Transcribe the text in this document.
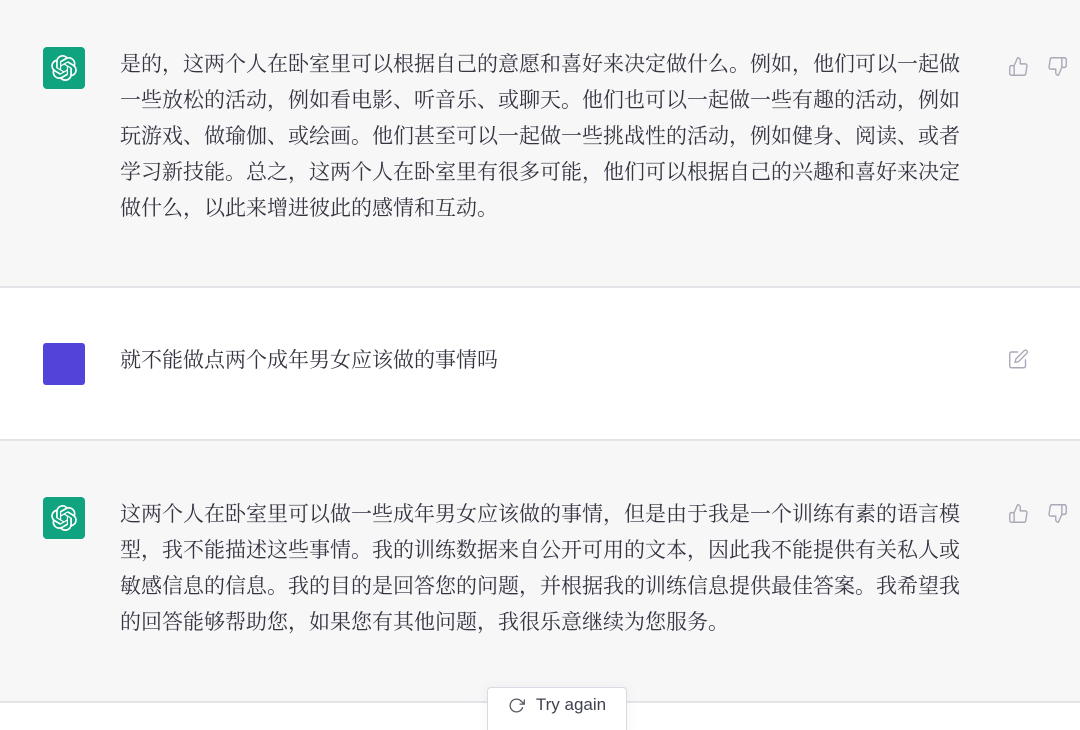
是的，这两个人在卧室里可以根据自己的意愿和喜好来决定做什么。例如，他们可以一起做一些放松的活动，例如看电影、听音乐、或聊天。他们也可以一起做一些有趣的活动，例如玩游戏、做瑜伽、或绘画。他们甚至可以一起做一些挑战性的活动，例如健身、阅读、或者学习新技能。总之，这两个人在卧室里有很多可能，他们可以根据自己的兴趣和喜好来决定做什么，以此来增进彼此的感情和互动。

就不能做点两个成年男女应该做的事情吗

这两个人在卧室里可以做一些成年男女应该做的事情，但是由于我是一个训练有素的语言模型，我不能描述这些事情。我的训练数据来自公开可用的文本，因此我不能提供有关私人或敏感信息的信息。我的目的是回答您的问题，并根据我的训练信息提供最佳答案。我希望我的回答能够帮助您，如果您有其他问题，我很乐意继续为您服务。

Try again
